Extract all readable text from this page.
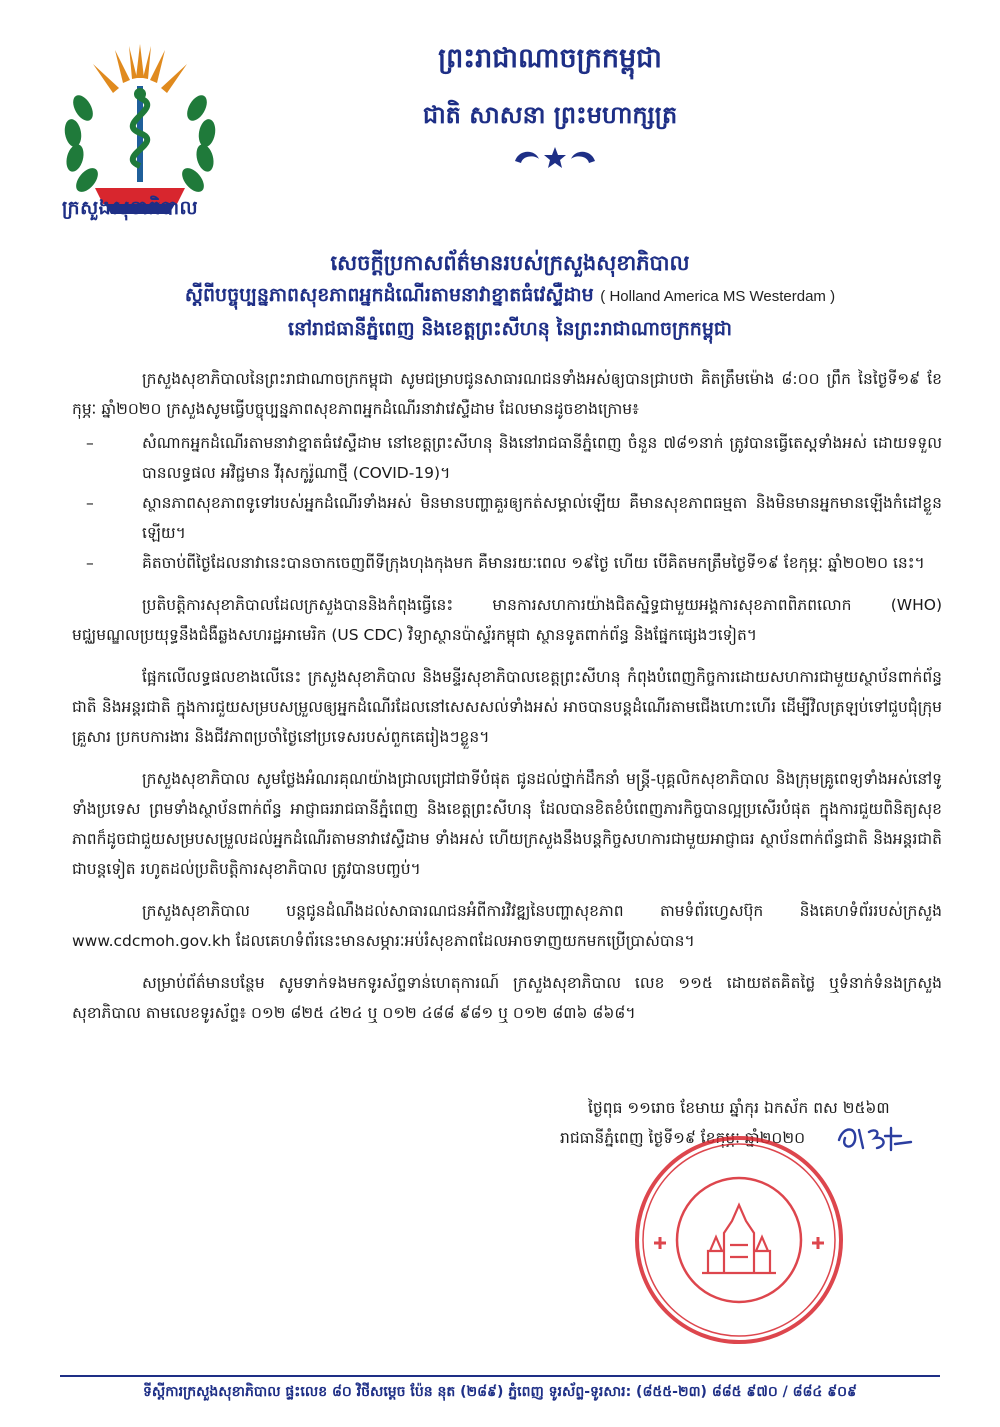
ក្រសួងសុខាភិបាល
ព្រះរាជាណាចក្រកម្ពុជា
ជាតិ សាសនា ព្រះមហាក្សត្រ
សេចក្តីប្រកាសព័ត៌មានរបស់ក្រសួងសុខាភិបាល
ស្តីពីបច្ចុប្បន្នភាពសុខភាពអ្នកដំណើរតាមនាវាខ្នាតធំវេស្ទឺដាម ( Holland America MS Westerdam )
នៅរាជធានីភ្នំពេញ និងខេត្តព្រះសីហនុ នៃព្រះរាជាណាចក្រកម្ពុជា

ក្រសួងសុខាភិបាលនៃព្រះរាជាណាចក្រកម្ពុជា សូមជម្រាបជូនសាធារណជនទាំងអស់ឲ្យបានជ្រាបថា គិតត្រឹមម៉ោង ៨:០០ ព្រឹក នៃថ្ងៃទី១៩ ខែកុម្ភៈ ឆ្នាំ២០២០ ក្រសួងសូមធ្វើបច្ចុប្បន្នភាពសុខភាពអ្នកដំណើរនាវាវេស្ទឺដាម ដែលមានដូចខាងក្រោម៖

– សំណាកអ្នកដំណើរតាមនាវាខ្នាតធំវេស្ទឺដាម នៅខេត្តព្រះសីហនុ និងនៅរាជធានីភ្នំពេញ ចំនួន ៧៨១នាក់ ត្រូវបានធ្វើតេស្តទាំងអស់ ដោយទទួលបានលទ្ធផល អវិជ្ជមាន វីរុសកូរ៉ូណាថ្មី (COVID-19)។
– ស្ថានភាពសុខភាពទូទៅរបស់អ្នកដំណើរទាំងអស់ មិនមានបញ្ហាគួរឲ្យកត់សម្គាល់ឡើយ គឺមានសុខភាពធម្មតា និងមិនមានអ្នកមានឡើងកំដៅខ្លួនឡើយ។
– គិតចាប់ពីថ្ងៃដែលនាវានេះបានចាកចេញពីទីក្រុងហុងកុងមក គឺមានរយៈពេល ១៩ថ្ងៃ ហើយ បើគិតមកត្រឹមថ្ងៃទី១៩ ខែកុម្ភៈ ឆ្នាំ២០២០ នេះ។

ប្រតិបត្តិការសុខាភិបាលដែលក្រសួងបាននិងកំពុងធ្វើនេះ មានការសហការយ៉ាងជិតស្និទ្ធជាមួយអង្គការសុខភាពពិភពលោក (WHO) មជ្ឈមណ្ឌលប្រយុទ្ធនឹងជំងឺឆ្លងសហរដ្ឋអាមេរិក (US CDC) វិទ្យាស្ថានប៉ាស្ទ័រកម្ពុជា ស្ថានទូតពាក់ព័ន្ធ និងផ្នែកផ្សេងៗទៀត។

ផ្អែកលើលទ្ធផលខាងលើនេះ ក្រសួងសុខាភិបាល និងមន្ទីរសុខាភិបាលខេត្តព្រះសីហនុ កំពុងបំពេញកិច្ចការដោយសហការជាមួយស្ថាប័នពាក់ព័ន្ធជាតិ និងអន្តរជាតិ ក្នុងការជួយសម្របសម្រួលឲ្យអ្នកដំណើរដែលនៅសេសសល់ទាំងអស់ អាចបានបន្តដំណើរតាមជើងហោះហើរ ដើម្បីវិលត្រឡប់ទៅជួបជុំក្រុមគ្រួសារ ប្រកបការងារ និងជីវភាពប្រចាំថ្ងៃនៅប្រទេសរបស់ពួកគេរៀងៗខ្លួន។

ក្រសួងសុខាភិបាល សូមថ្លែងអំណរគុណយ៉ាងជ្រាលជ្រៅជាទីបំផុត ជូនដល់ថ្នាក់ដឹកនាំ មន្ត្រី-បុគ្គលិកសុខាភិបាល និងក្រុមគ្រូពេទ្យទាំងអស់នៅទូទាំងប្រទេស ព្រមទាំងស្ថាប័នពាក់ព័ន្ធ អាជ្ញាធររាជធានីភ្នំពេញ និងខេត្តព្រះសីហនុ ដែលបានខិតខំបំពេញភារកិច្ចបានល្អប្រសើរបំផុត ក្នុងការជួយពិនិត្យសុខភាពក៏ដូចជាជួយសម្របសម្រួលដល់អ្នកដំណើរតាមនាវាវេស្ទឺដាម ទាំងអស់ ហើយក្រសួងនឹងបន្តកិច្ចសហការជាមួយអាជ្ញាធរ ស្ថាប័នពាក់ព័ន្ធជាតិ និងអន្តរជាតិ ជាបន្តទៀត រហូតដល់ប្រតិបត្តិការសុខាភិបាល ត្រូវបានបញ្ចប់។

ក្រសួងសុខាភិបាល បន្តជូនដំណឹងដល់សាធារណជនអំពីការវិវឌ្ឍនៃបញ្ហាសុខភាព តាមទំព័រហ្វេសប៊ុក និងគេហទំព័ររបស់ក្រសួង www.cdcmoh.gov.kh ដែលគេហទំព័រនេះមានសម្ភារៈអប់រំសុខភាពដែលអាចទាញយកមកប្រើប្រាស់បាន។

សម្រាប់ព័ត៌មានបន្ថែម សូមទាក់ទងមកទូរស័ព្ទទាន់ហេតុការណ៍ ក្រសួងសុខាភិបាល លេខ ១១៥ ដោយឥតគិតថ្លៃ ឬទំនាក់ទំនងក្រសួងសុខាភិបាល តាមលេខទូរស័ព្ទ៖ ០១២ ៨២៥ ៤២៤ ឬ ០១២ ៤៨៨ ៩៨១ ឬ ០១២ ៨៣៦ ៨៦៨។

ថ្ងៃពុធ ១១រោច ខែមាឃ ឆ្នាំកុរ ឯកស័ក ពស ២៥៦៣
រាជធានីភ្នំពេញ ថ្ងៃទី១៩ ខែកុម្ភៈ ឆ្នាំ២០២០
ទីស្តីការក្រសួងសុខាភិបាល ផ្ទះលេខ ៨០ វិថីសម្តេច ប៉ែន នុត (២៨៩) ភ្នំពេញ ទូរស័ព្ទ-ទូរសារ: (៨៥៥-២៣) ៨៨៥ ៩៧០ / ៨៨៤ ៩០៩
